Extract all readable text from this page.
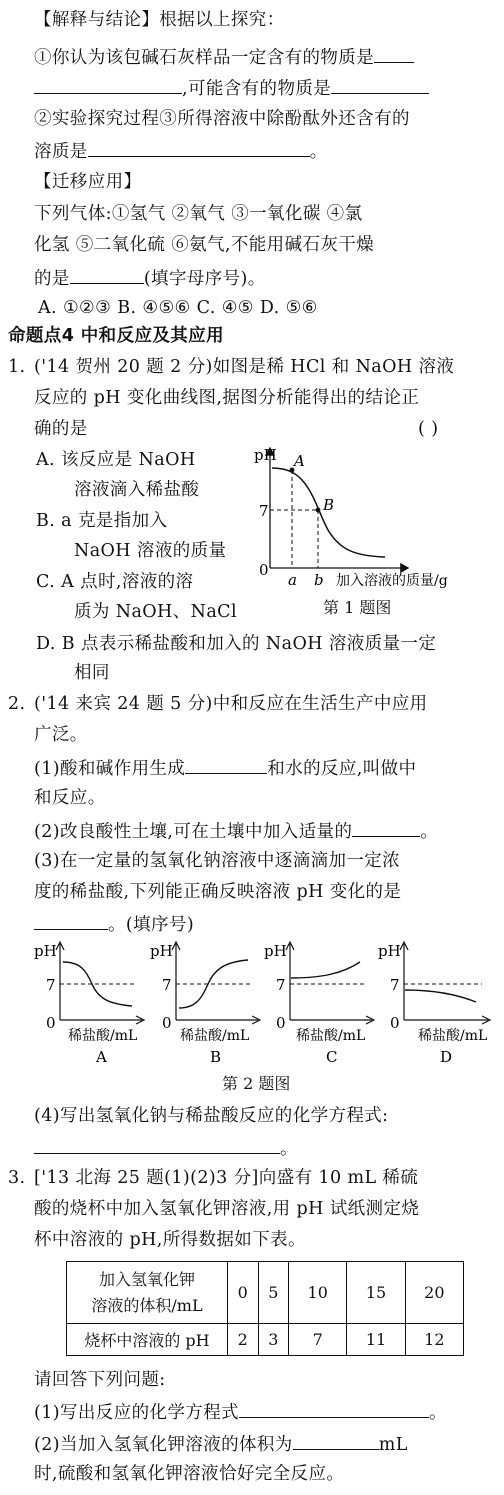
【解释与结论】根据以上探究：
①你认为该包碱石灰样品一定含有的物质是
,可能含有的物质是
②实验探究过程③所得溶液中除酚酞外还含有的
溶质是	。
【迁移应用】
下列气体:①氢气 ②氧气 ③一氧化碳 ④氯
化氢 ⑤二氧化硫 ⑥氨气,不能用碱石灰干燥
的是	(填字母序号)。
A. ①②③ B. ④⑤⑥ C. ④⑤ D. ⑤⑥
命题点4 中和反应及其应用
1. ('14 贺州 20 题 2 分)如图是稀 HCl 和 NaOH 溶液
反应的 pH 变化曲线图,据图分析能得出的结论正
确的是	( )
A. 该反应是 NaOH
溶液滴入稀盐酸
B. a 克是指加入
NaOH 溶液的质量
C. A 点时,溶液的溶
质为 NaOH、NaCl
D. B 点表示稀盐酸和加入的 NaOH 溶液质量一定
相同
pH
7
0
A
B
a b 加入溶液的质量/g
第 1 题图
2. ('14 来宾 24 题 5 分)中和反应在生活生产中应用
广泛。
(1)酸和碱作用生成	和水的反应,叫做中
和反应。
(2)改良酸性土壤,可在土壤中加入适量的	。
(3)在一定量的氢氧化钠溶液中逐滴滴加一定浓
度的稀盐酸,下列能正确反映溶液 pH 变化的是
。(填序号)
pH
7
0
稀盐酸/mL
A
pH
7
0
稀盐酸/mL
B
pH
7
0
稀盐酸/mL
C
pH
7
0
稀盐酸/mL
D
第 2 题图
(4)写出氢氧化钠与稀盐酸反应的化学方程式:
。
3. ['13 北海 25 题(1)(2)3 分]向盛有 10 mL 稀硫
酸的烧杯中加入氢氧化钾溶液,用 pH 试纸测定烧
杯中溶液的 pH,所得数据如下表。
加入氢氧化钾
溶液的体积/mL	0	5	10	15	20
烧杯中溶液的 pH	2	3	7	11	12
请回答下列问题:
(1)写出反应的化学方程式	。
(2)当加入氢氧化钾溶液的体积为	mL
时,硫酸和氢氧化钾溶液恰好完全反应。
